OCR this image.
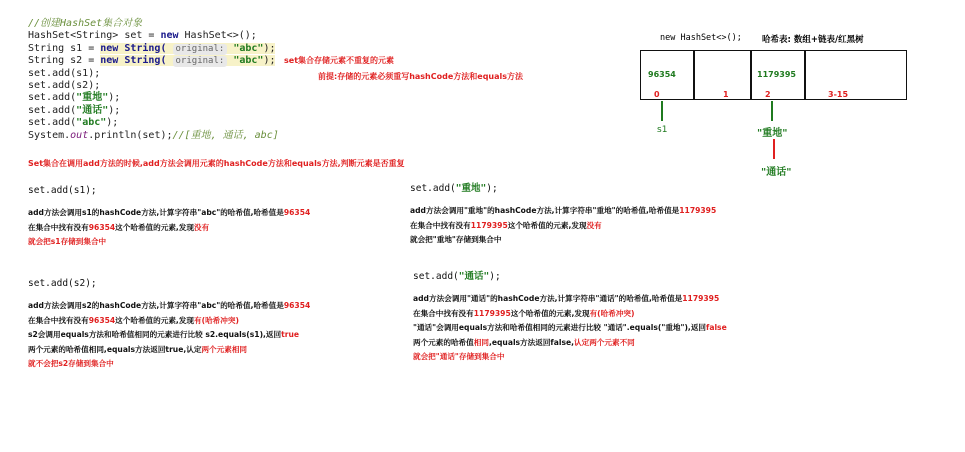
//创建HashSet集合对象
HashSet<String> set = new HashSet<>();
String s1 = new String( original: "abc");
String s2 = new String( original: "abc");
set.add(s1);
set.add(s2);
set.add("重地");
set.add("通话");
set.add("abc");
System.out.println(set);//[重地, 通话, abc]
set集合存储元素不重复的元素
前提:存储的元素必须重写hashCode方法和equals方法
Set集合在调用add方法的时候,add方法会调用元素的hashCode方法和equals方法,判断元素是否重复
new HashSet<>(); 哈希表: 数组+链表/红黑树
96354	1179395
0	1	2	3-15
s1	"重地"
"通话"
set.add(s1);
add方法会调用s1的hashCode方法,计算字符串"abc"的哈希值,哈希值是96354
在集合中找有没有96354这个哈希值的元素,发现没有
就会把s1存储到集合中
set.add(s2);
add方法会调用s2的hashCode方法,计算字符串"abc"的哈希值,哈希值是96354
在集合中找有没有96354这个哈希值的元素,发现有(哈希冲突)
s2会调用equals方法和哈希值相同的元素进行比较 s2.equals(s1),返回true
两个元素的哈希值相同,equals方法返回true,认定两个元素相同
就不会把s2存储到集合中
set.add("重地");
add方法会调用"重地"的hashCode方法,计算字符串"重地"的哈希值,哈希值是1179395
在集合中找有没有1179395这个哈希值的元素,发现没有
就会把"重地"存储到集合中
set.add("通话");
add方法会调用"通话"的hashCode方法,计算字符串"通话"的哈希值,哈希值是1179395
在集合中找有没有1179395这个哈希值的元素,发现有(哈希冲突)
"通话"会调用equals方法和哈希值相同的元素进行比较 "通话".equals("重地"),返回false
两个元素的哈希值相同,equals方法返回false,认定两个元素不同
就会把"通话"存储到集合中
